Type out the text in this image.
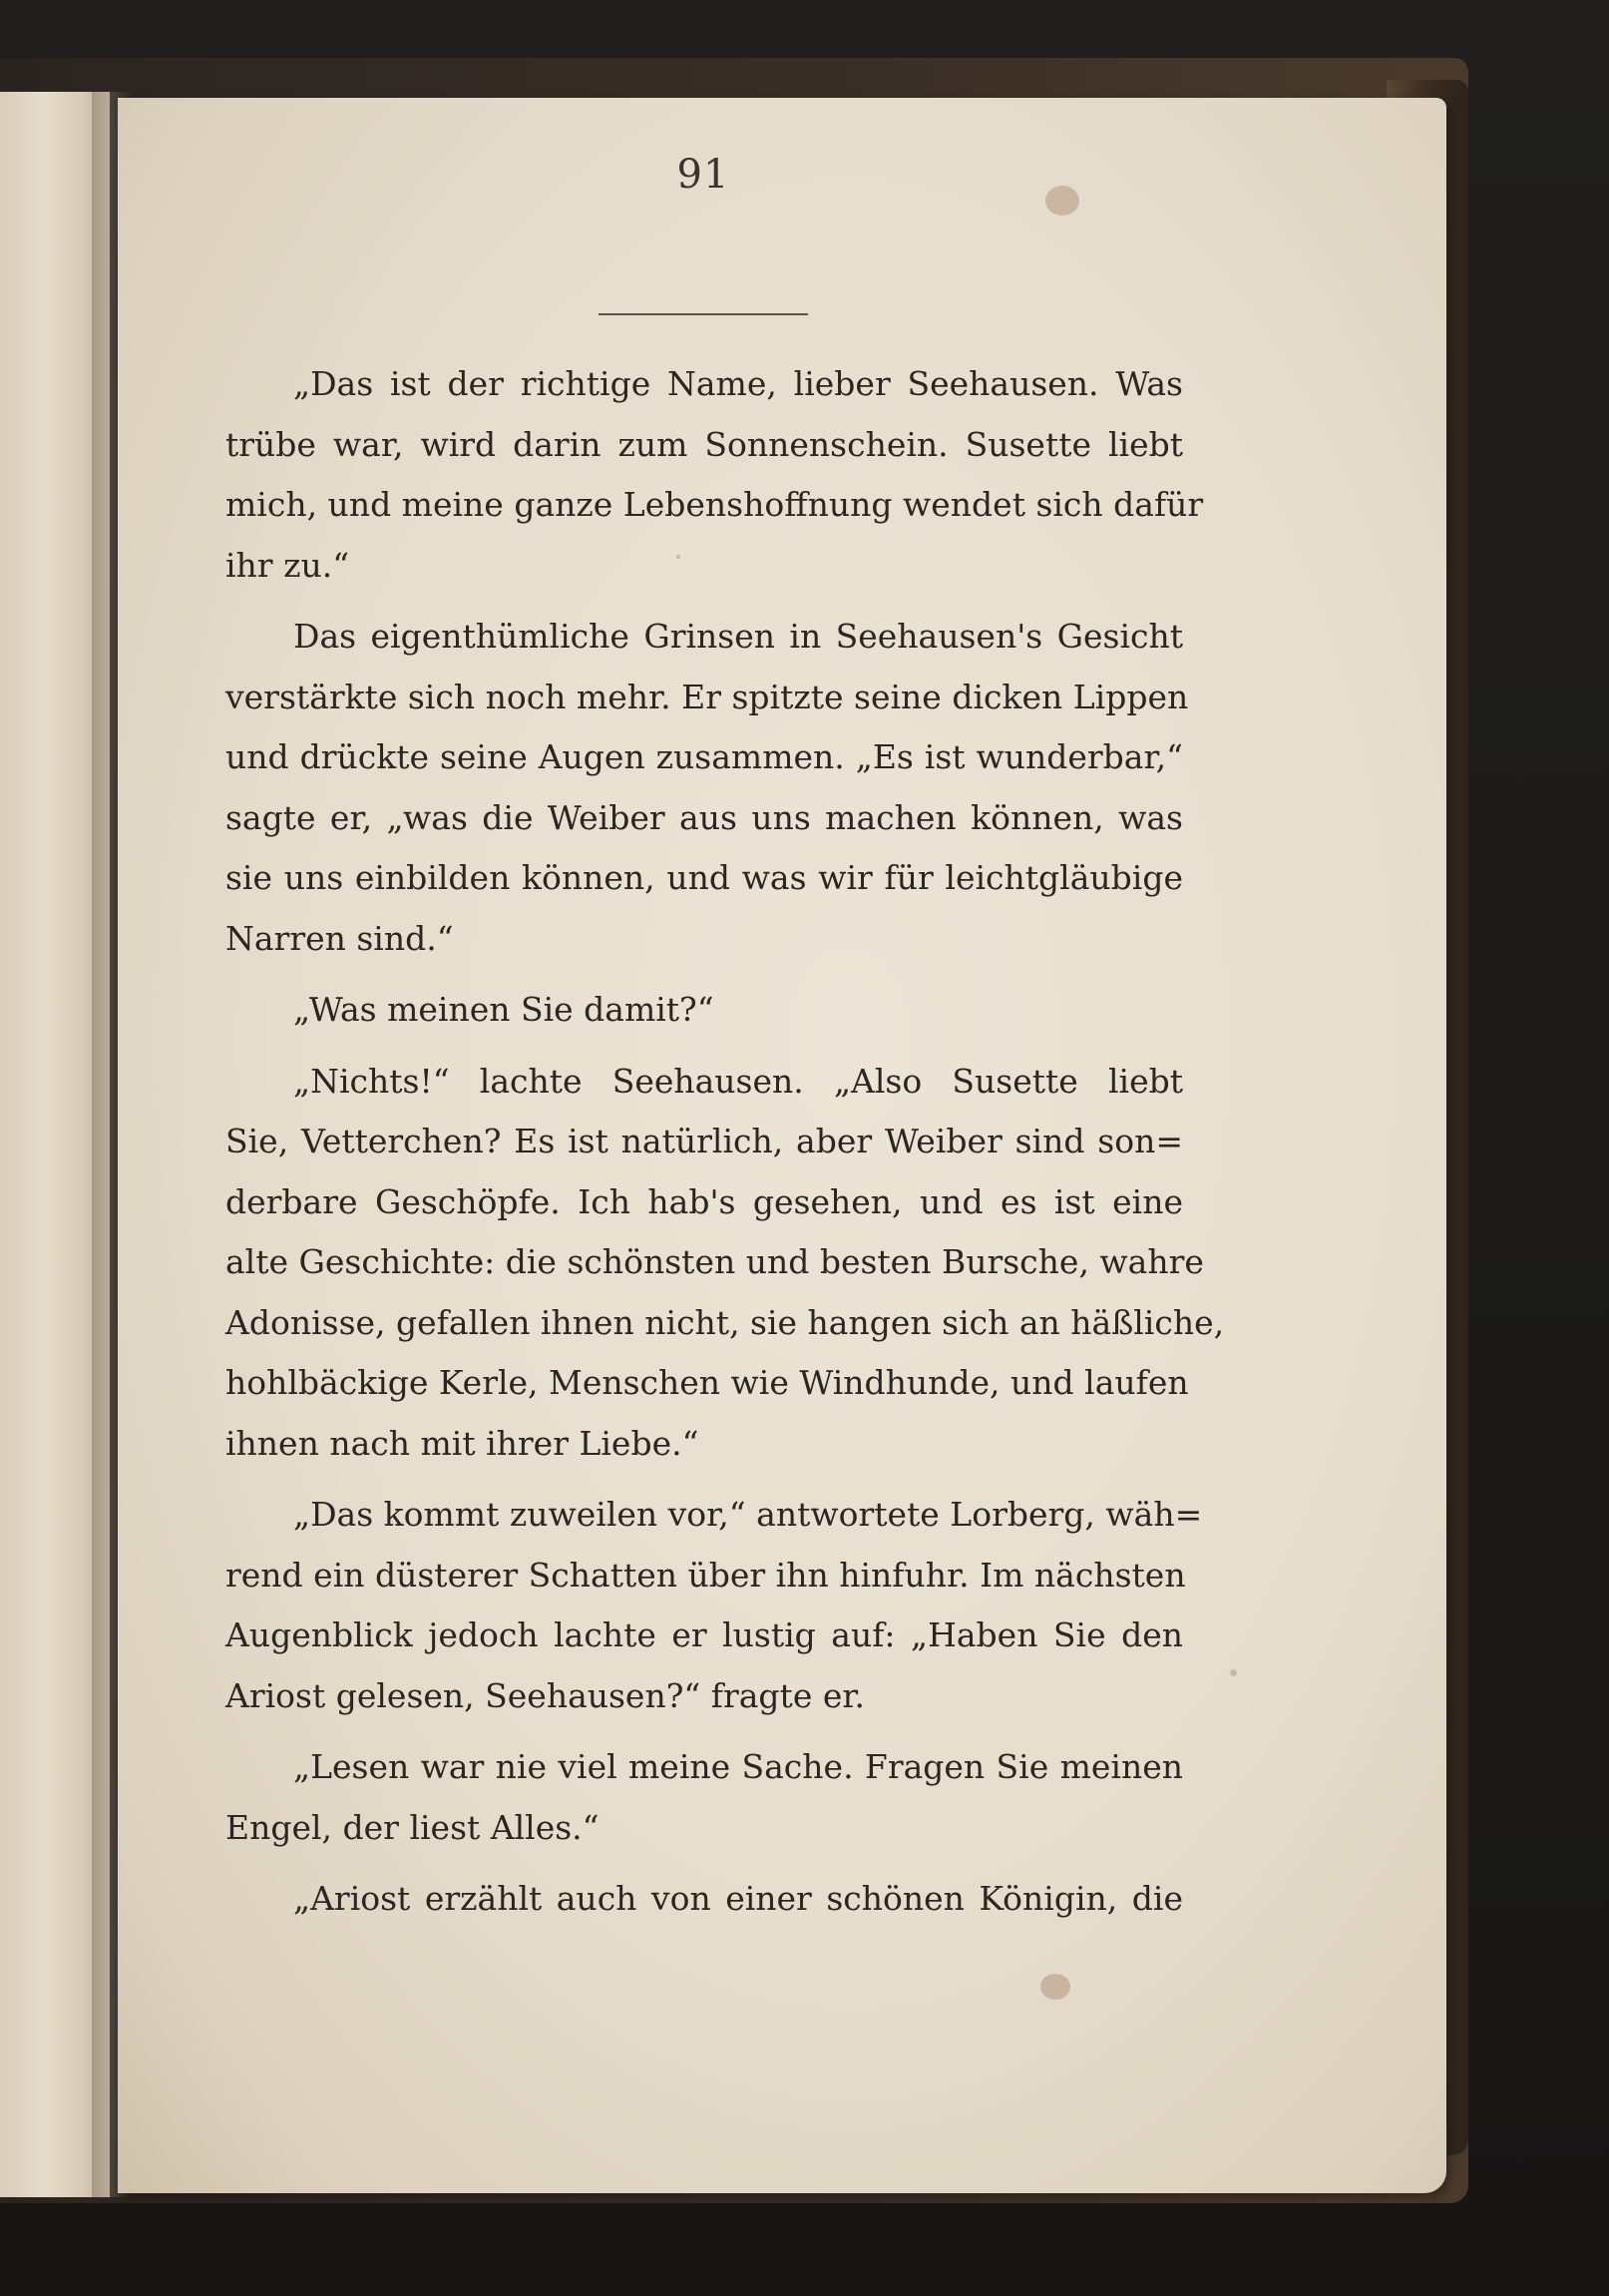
91
„Das ist der richtige Name, lieber Seehausen. Was
trübe war, wird darin zum Sonnenschein. Susette liebt
mich, und meine ganze Lebenshoffnung wendet sich dafür
ihr zu.“
Das eigenthümliche Grinsen in Seehausen's Gesicht
verstärkte sich noch mehr. Er spitzte seine dicken Lippen
und drückte seine Augen zusammen. „Es ist wunderbar,“
sagte er, „was die Weiber aus uns machen können, was
sie uns einbilden können, und was wir für leichtgläubige
Narren sind.“
„Was meinen Sie damit?“
„Nichts!“ lachte Seehausen. „Also Susette liebt
Sie, Vetterchen? Es ist natürlich, aber Weiber sind son=
derbare Geschöpfe. Ich hab's gesehen, und es ist eine
alte Geschichte: die schönsten und besten Bursche, wahre
Adonisse, gefallen ihnen nicht, sie hangen sich an häßliche,
hohlbäckige Kerle, Menschen wie Windhunde, und laufen
ihnen nach mit ihrer Liebe.“
„Das kommt zuweilen vor,“ antwortete Lorberg, wäh=
rend ein düsterer Schatten über ihn hinfuhr. Im nächsten
Augenblick jedoch lachte er lustig auf: „Haben Sie den
Ariost gelesen, Seehausen?“ fragte er.
„Lesen war nie viel meine Sache. Fragen Sie meinen
Engel, der liest Alles.“
„Ariost erzählt auch von einer schönen Königin, die
